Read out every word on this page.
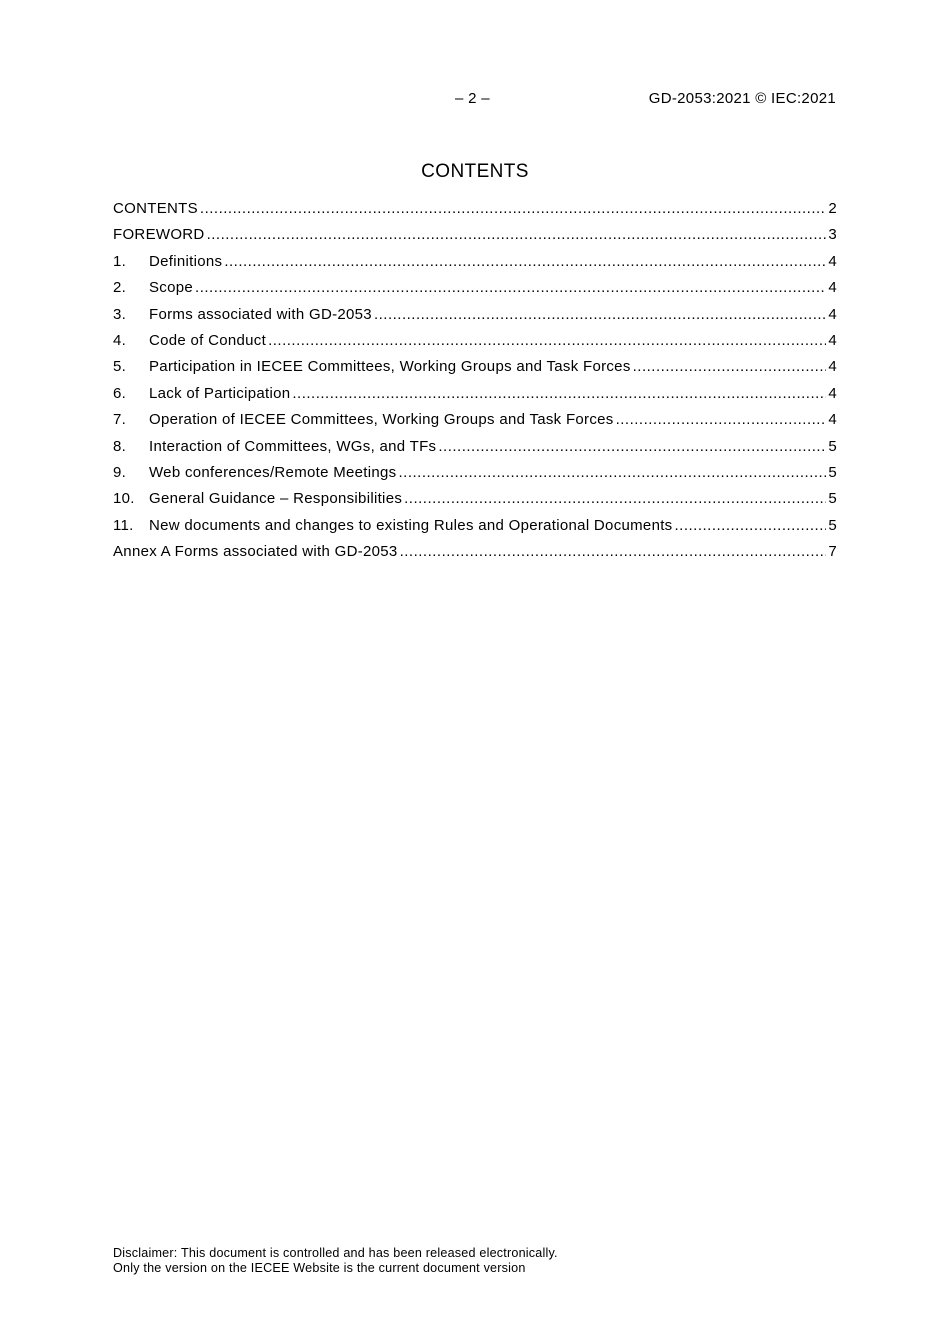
– 2 –	GD-2053:2021 © IEC:2021
CONTENTS
CONTENTS .....	2
FOREWORD .....	3
1.	Definitions .....	4
2.	Scope .....	4
3.	Forms associated with GD-2053 .....	4
4.	Code of Conduct .....	4
5.	Participation in IECEE Committees, Working Groups and Task Forces .....	4
6.	Lack of Participation .....	4
7.	Operation of IECEE Committees, Working Groups and Task Forces .....	4
8.	Interaction of Committees, WGs, and TFs .....	5
9.	Web conferences/Remote Meetings .....	5
10. General Guidance – Responsibilities .....	5
11.	New documents and changes to existing Rules and Operational Documents .....	5
Annex A Forms associated with GD-2053 .....	7
Disclaimer: This document is controlled and has been released electronically.
Only the version on the IECEE Website is the current document version
